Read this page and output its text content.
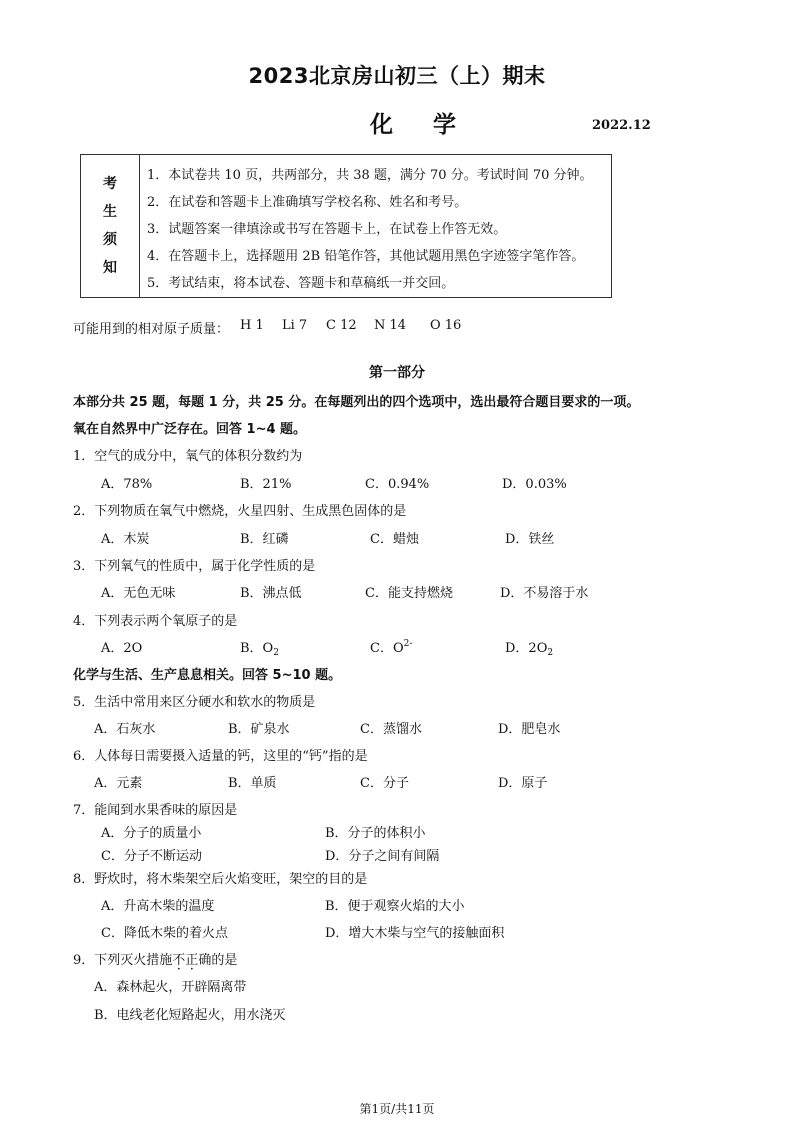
2023北京房山初三（上）期末
化学	2022.12
考
生
须
知
1．本试卷共 10 页，共两部分，共 38 题，满分 70 分。考试时间 70 分钟。
2．在试卷和答题卡上准确填写学校名称、姓名和考号。
3．试题答案一律填涂或书写在答题卡上，在试卷上作答无效。
4．在答题卡上，选择题用 2B 铅笔作答，其他试题用黑色字迹签字笔作答。
5．考试结束，将本试卷、答题卡和草稿纸一并交回。
可能用到的相对原子质量： H 1 Li 7 C 12 N 14 O 16
第一部分
本部分共 25 题，每题 1 分，共 25 分。在每题列出的四个选项中，选出最符合题目要求的一项。
氧在自然界中广泛存在。回答 1~4 题。
1．空气的成分中，氧气的体积分数约为
A．78%	B．21%	C．0.94%	D．0.03%
2．下列物质在氧气中燃烧，火星四射、生成黑色固体的是
A．木炭	B．红磷	C．蜡烛	D．铁丝
3．下列氧气的性质中，属于化学性质的是
A．无色无味	B．沸点低	C．能支持燃烧	D．不易溶于水
4．下列表示两个氧原子的是
A．2O	B．$O_2$	C．$O^{2-}$	D．$2O_2$
化学与生活、生产息息相关。回答 5~10 题。
5．生活中常用来区分硬水和软水的物质是
A．石灰水	B．矿泉水	C．蒸馏水	D．肥皂水
6．人体每日需要摄入适量的钙，这里的“钙”指的是
A．元素	B．单质	C．分子	D．原子
7．能闻到水果香味的原因是
A．分子的质量小	B．分子的体积小
C．分子不断运动	D．分子之间有间隔
8．野炊时，将木柴架空后火焰变旺，架空的目的是
A．升高木柴的温度	B．便于观察火焰的大小
C．降低木柴的着火点	D．增大木柴与空气的接触面积
9．下列灭火措施不正确的是
A．森林起火，开辟隔离带
B．电线老化短路起火，用水浇灭
第1页/共11页
